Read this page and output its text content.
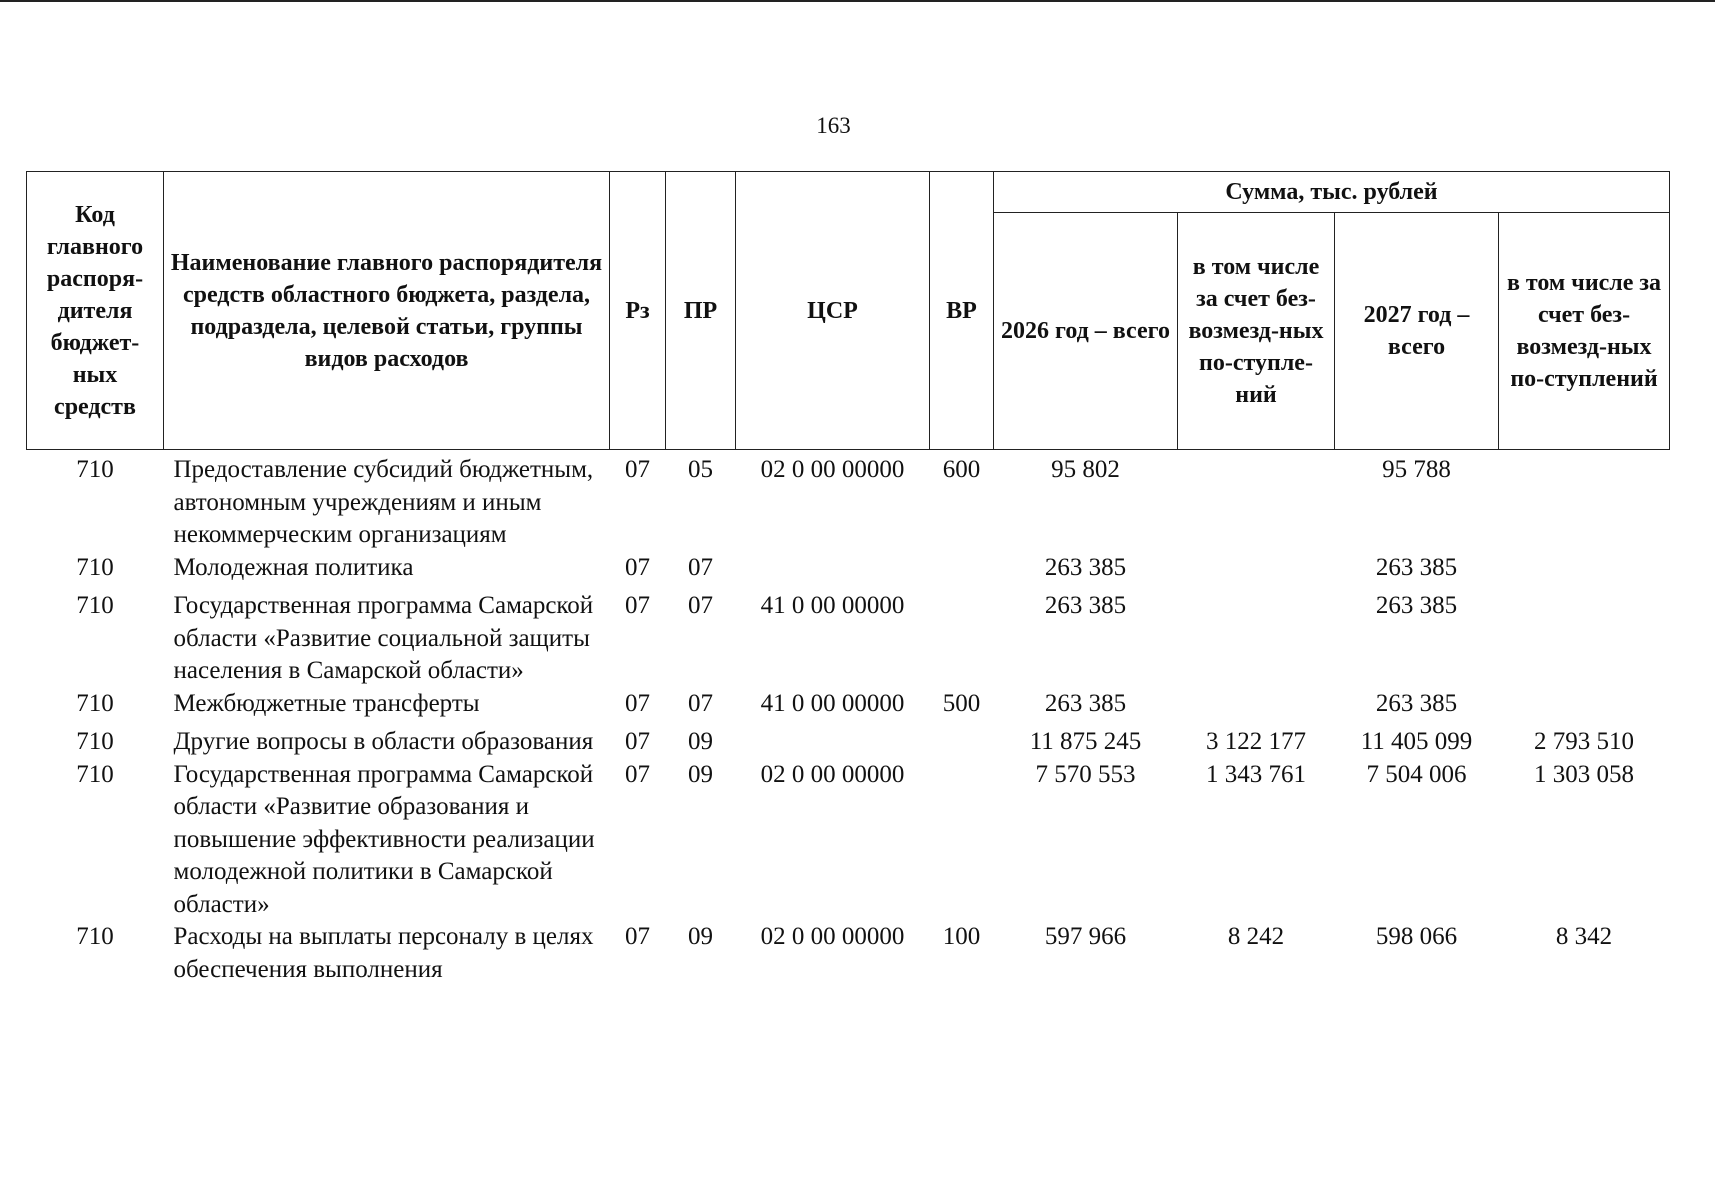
163
Код главного распоря-дителя бюджет-ных средств	Наименование главного распорядителя средств областного бюджета, раздела, подраздела, целевой статьи, группы видов расходов	Рз	ПР	ЦСР	ВР	Сумма, тыс. рублей			
						2026 год – всего	в том числе за счет без-возмезд-ных по-ступле-ний	2027 год – всего	в том числе за счет без-возмезд-ных по-ступлений
710	Предоставление субсидий бюджетным, автономным учреждениям и иным некоммерческим организациям	07	05	02 0 00 00000	600	95 802		95 788	
710	Молодежная политика	07	07			263 385		263 385	
710	Государственная программа Самарской области «Развитие социальной защиты населения в Самарской области»	07	07	41 0 00 00000		263 385		263 385	
710	Межбюджетные трансферты	07	07	41 0 00 00000	500	263 385		263 385	
710	Другие вопросы в области образования	07	09			11 875 245	3 122 177	11 405 099	2 793 510
710	Государственная программа Самарской области «Развитие образования и повышение эффективности реализации молодежной политики в Самарской области»	07	09	02 0 00 00000		7 570 553	1 343 761	7 504 006	1 303 058
710	Расходы на выплаты персоналу в целях обеспечения выполнения	07	09	02 0 00 00000	100	597 966	8 242	598 066	8 342
